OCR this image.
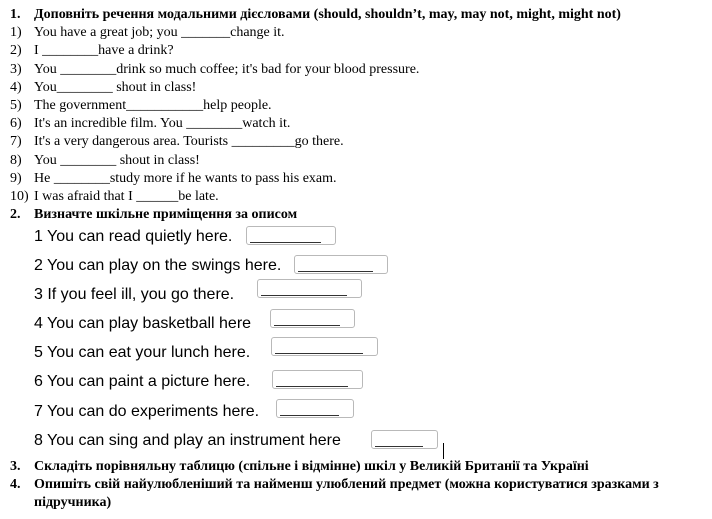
1. Доповніть речення модальними дієсловами (should, shouldn’t, may, may not, might, might not)
1) You have a great job; you _______change it.
2) I ________have a drink?
3) You ________drink so much coffee; it's bad for your blood pressure.
4) You________ shout in class!
5) The government___________help people.
6) It's an incredible film. You ________watch it.
7) It's a very dangerous area. Tourists _________go there.
8) You ________ shout in class!
9) He ________study more if he wants to pass his exam.
10) I was afraid that I ______be late.
2. Визначте шкільне приміщення за описом
1 You can read quietly here.
2 You can play on the swings here.
3 If you feel ill, you go there.
4 You can play basketball here
5 You can eat your lunch here.
6 You can paint a picture here.
7 You can do experiments here.
8 You can sing and play an instrument here
3. Складіть порівняльну таблицю (спільне і відмінне) шкіл у Великій Британії та Україні
4. Опишіть свій найулюбленіший та найменш улюблений предмет (можна користуватися зразками з
підручника)
